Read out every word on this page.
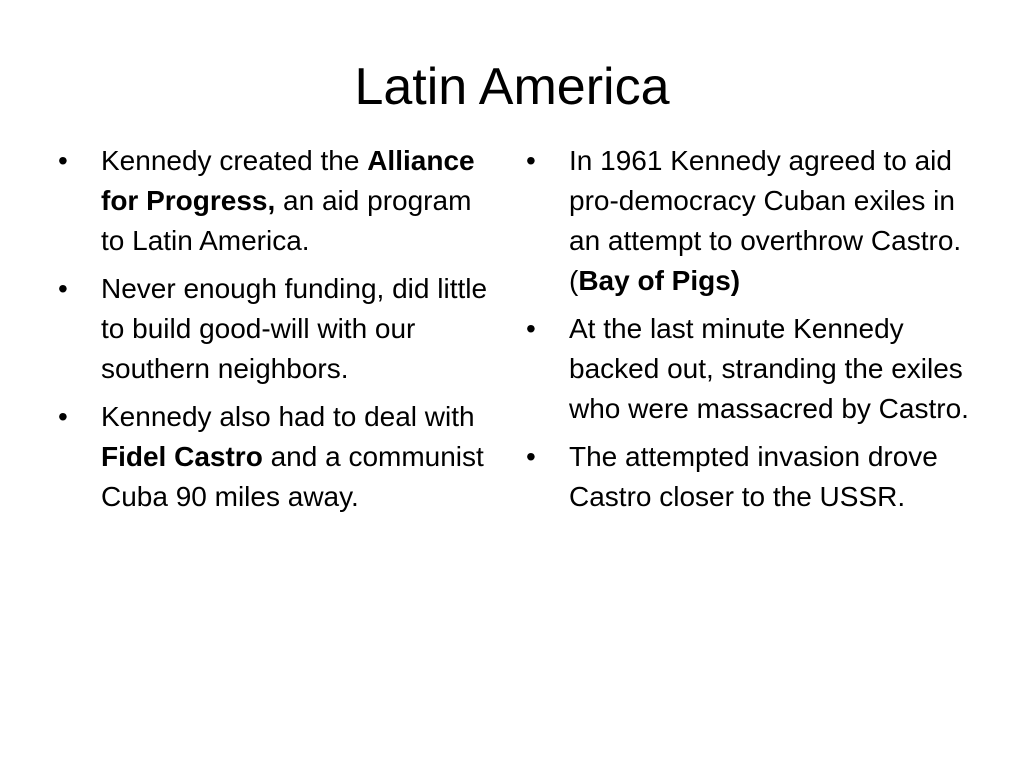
Latin America
•	Kennedy created the Alliance for Progress, an aid program to Latin America.
•	Never enough funding, did little to build good-will with our southern neighbors.
•	Kennedy also had to deal with Fidel Castro and a communist Cuba 90 miles away.
•	In 1961 Kennedy agreed to aid pro-democracy Cuban exiles in an attempt to overthrow Castro. (Bay of Pigs)
•	At the last minute Kennedy backed out, stranding the exiles who were massacred by Castro.
•	The attempted invasion drove Castro closer to the USSR.
